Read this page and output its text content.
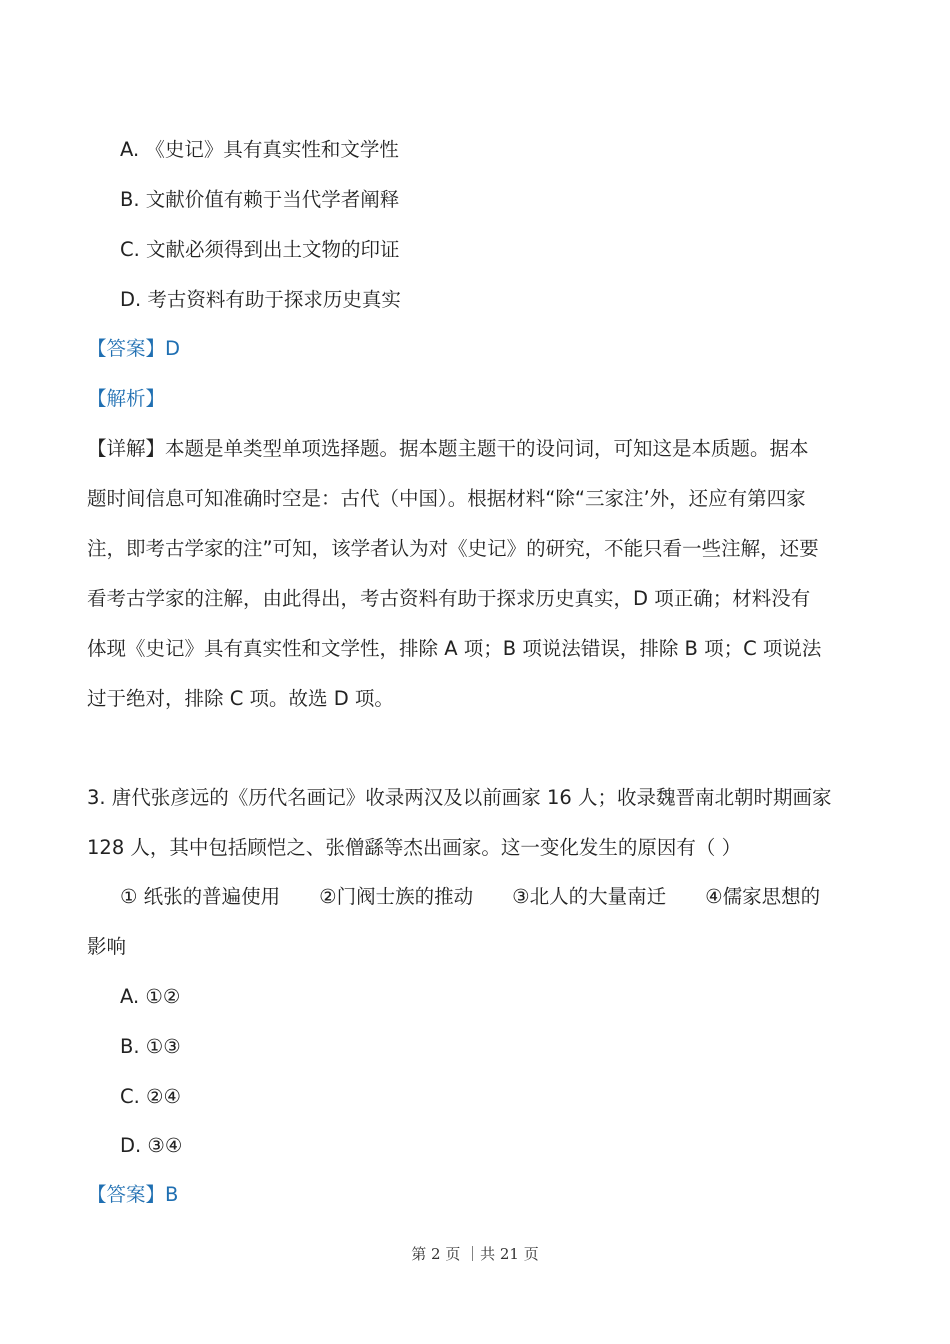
A. 《史记》具有真实性和文学性
B. 文献价值有赖于当代学者阐释
C. 文献必须得到出土文物的印证
D. 考古资料有助于探求历史真实
【答案】D
【解析】
【详解】本题是单类型单项选择题。据本题主题干的设问词，可知这是本质题。据本
题时间信息可知准确时空是：古代（中国）。根据材料“除“三家注’外，还应有第四家
注，即考古学家的注”可知，该学者认为对《史记》的研究，不能只看一些注解，还要
看考古学家的注解，由此得出，考古资料有助于探求历史真实，D 项正确；材料没有
体现《史记》具有真实性和文学性，排除 A 项；B 项说法错误，排除 B 项；C 项说法
过于绝对，排除 C 项。故选 D 项。
3. 唐代张彦远的《历代名画记》收录两汉及以前画家 16 人；收录魏晋南北朝时期画家
128 人，其中包括顾恺之、张僧繇等杰出画家。这一变化发生的原因有（ ）
① 纸张的普遍使用　　②门阀士族的推动　　③北人的大量南迁　　④儒家思想的
影响
A. ①②
B. ①③
C. ②④
D. ③④
【答案】B
第 2 页 ｜共 21 页
